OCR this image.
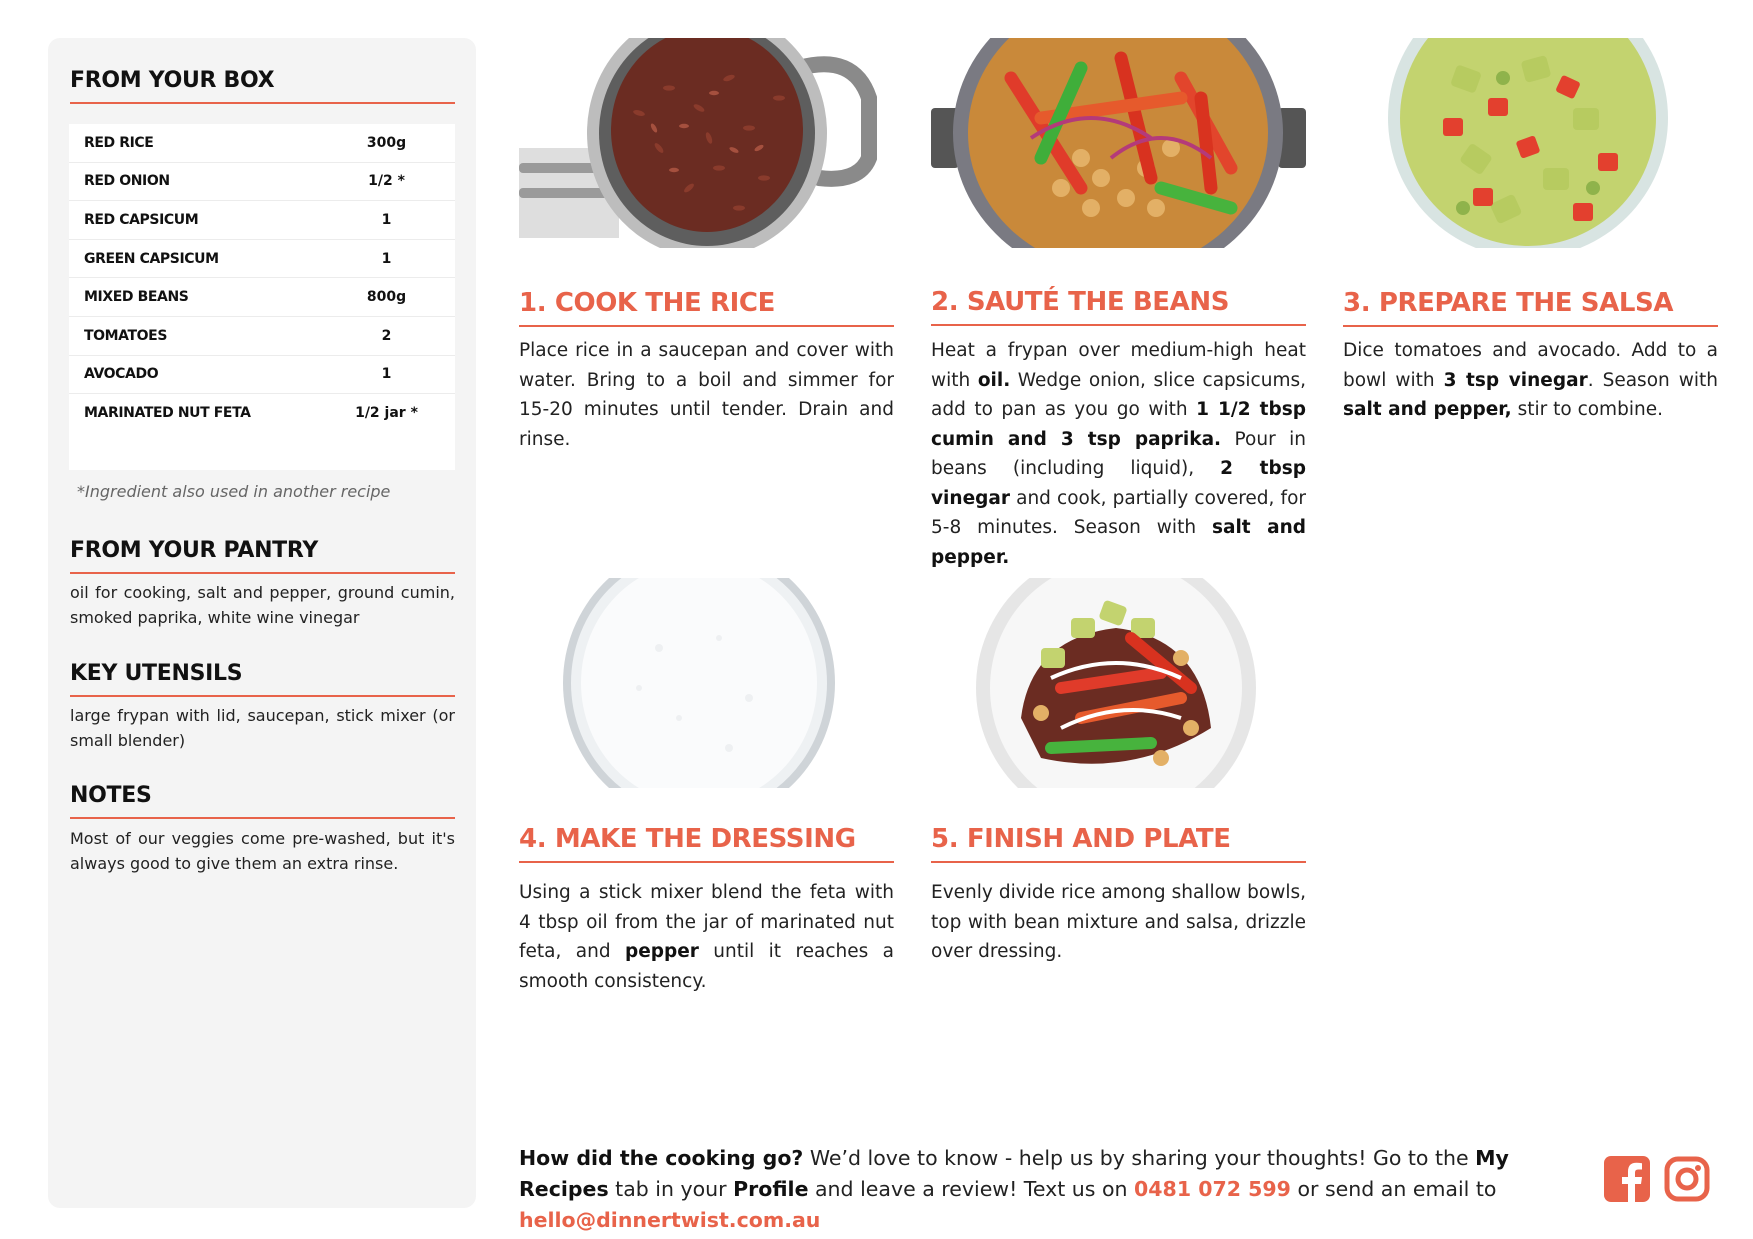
FROM YOUR BOX
RED RICE	300g
RED ONION	1/2 *
RED CAPSICUM	1
GREEN CAPSICUM	1
MIXED BEANS	800g
TOMATOES	2
AVOCADO	1
MARINATED NUT FETA	1/2 jar *
*Ingredient also used in another recipe
FROM YOUR PANTRY
oil for cooking, salt and pepper, ground cumin, smoked paprika, white wine vinegar
KEY UTENSILS
large frypan with lid, saucepan, stick mixer (or small blender)
NOTES
Most of our veggies come pre-washed, but it's always good to give them an extra rinse.
1. COOK THE RICE
Place rice in a saucepan and cover with water. Bring to a boil and simmer for 15-20 minutes until tender. Drain and rinse.
2. SAUTÉ THE BEANS
Heat a frypan over medium-high heat with oil. Wedge onion, slice capsicums, add to pan as you go with 1 1/2 tbsp cumin and 3 tsp paprika. Pour in beans (including liquid), 2 tbsp vinegar and cook, partially covered, for 5-8 minutes. Season with salt and pepper.
3. PREPARE THE SALSA
Dice tomatoes and avocado. Add to a bowl with 3 tsp vinegar. Season with salt and pepper, stir to combine.
4. MAKE THE DRESSING
Using a stick mixer blend the feta with 4 tbsp oil from the jar of marinated nut feta, and pepper until it reaches a smooth consistency.
5. FINISH AND PLATE
Evenly divide rice among shallow bowls, top with bean mixture and salsa, drizzle over dressing.
How did the cooking go? We’d love to know - help us by sharing your thoughts! Go to the My Recipes tab in your Profile and leave a review! Text us on 0481 072 599 or send an email to hello@dinnertwist.com.au
